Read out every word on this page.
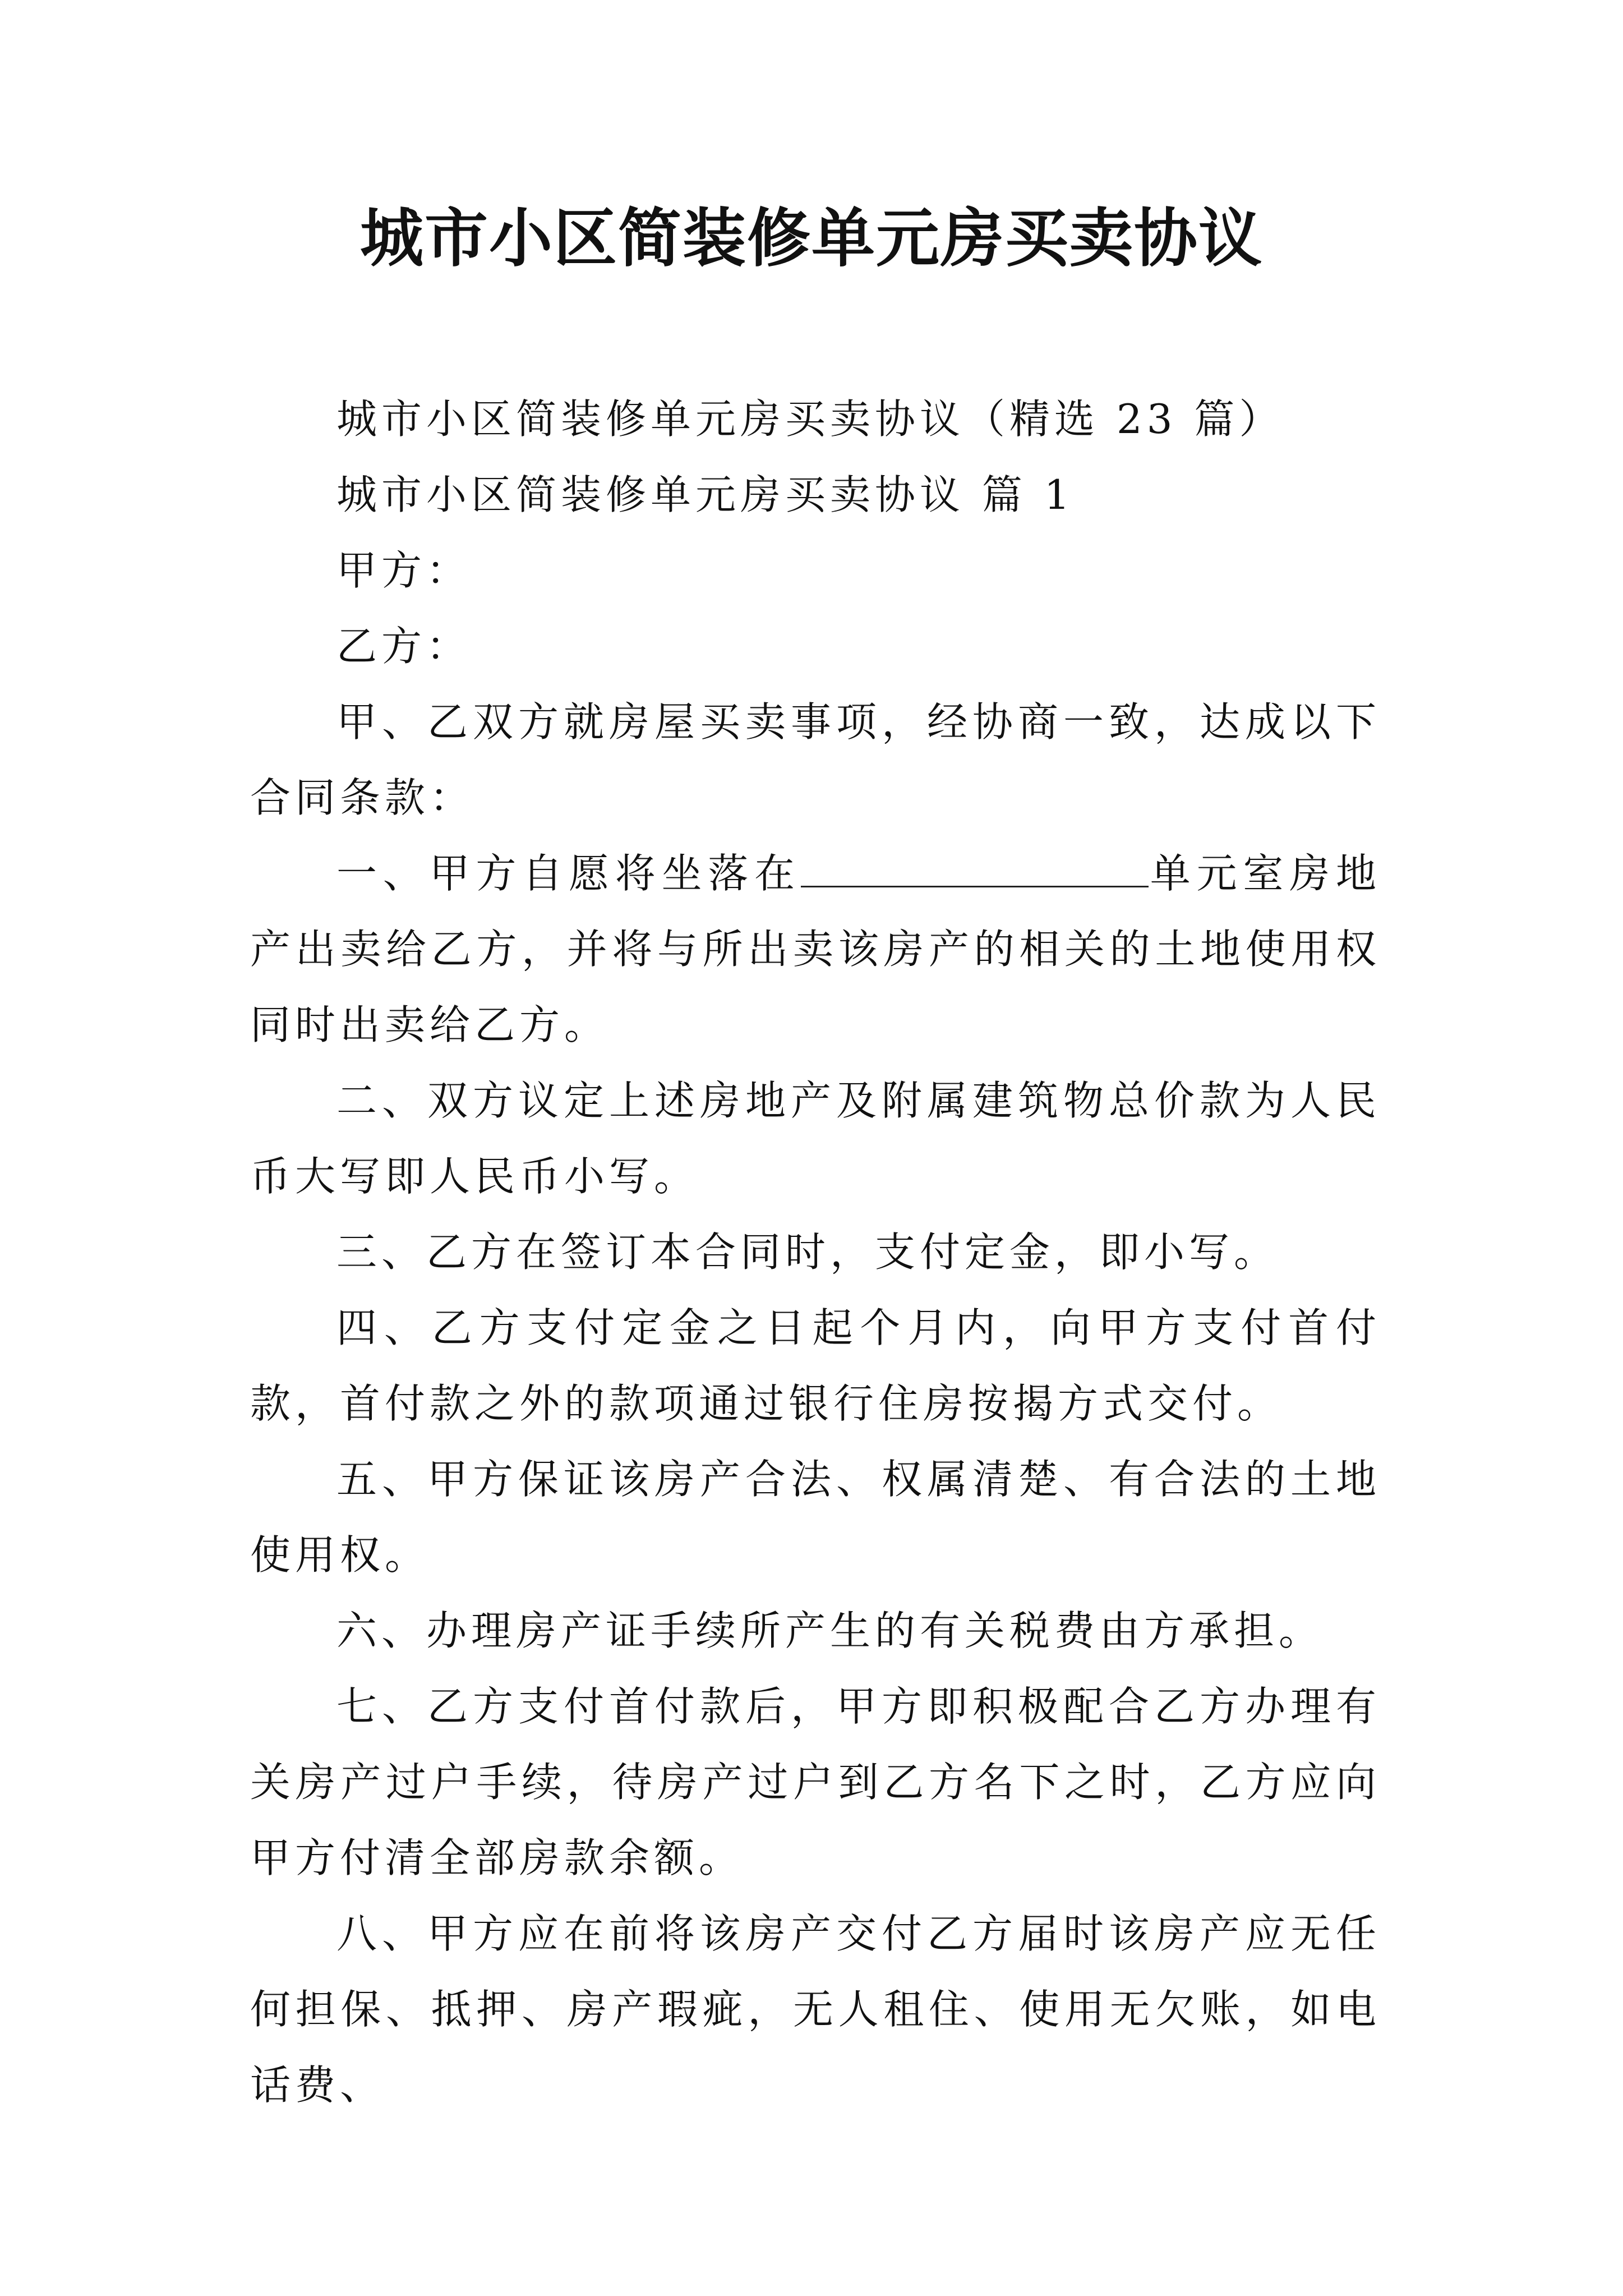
城市小区简装修单元房买卖协议

城市小区简装修单元房买卖协议（精选 23 篇）

城市小区简装修单元房买卖协议 篇 1

甲方：

乙方：

甲、乙双方就房屋买卖事项，经协商一致，达成以下合同条款：

一、甲方自愿将坐落在	单元室房地产出卖给乙方，并将与所出卖该房产的相关的土地使用权同时出卖给乙方。

二、双方议定上述房地产及附属建筑物总价款为人民币大写即人民币小写。

三、乙方在签订本合同时，支付定金，即小写。

四、乙方支付定金之日起个月内，向甲方支付首付款，首付款之外的款项通过银行住房按揭方式交付。

五、甲方保证该房产合法、权属清楚、有合法的土地使用权。

六、办理房产证手续所产生的有关税费由方承担。

七、乙方支付首付款后，甲方即积极配合乙方办理有关房产过户手续，待房产过户到乙方名下之时，乙方应向甲方付清全部房款余额。

八、甲方应在前将该房产交付乙方届时该房产应无任何担保、抵押、房产瑕疵，无人租住、使用无欠账，如电话费、
